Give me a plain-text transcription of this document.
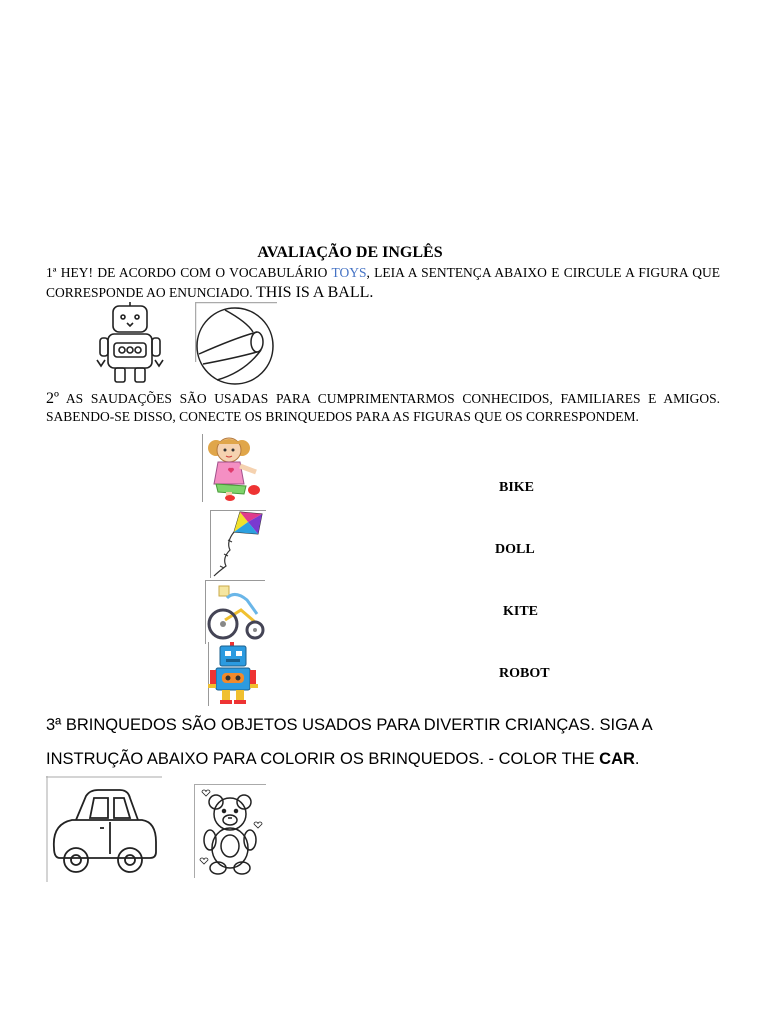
AVALIAÇÃO DE INGLÊS
1ª HEY! DE ACORDO COM O VOCABULÁRIO TOYS, LEIA A SENTENÇA ABAIXO E CIRCULE A FIGURA QUE CORRESPONDE AO ENUNCIADO. THIS IS A BALL.
2º AS SAUDAÇÕES SÃO USADAS PARA CUMPRIMENTARMOS CONHECIDOS, FAMILIARES E AMIGOS. SABENDO-SE DISSO, CONECTE OS BRINQUEDOS PARA AS FIGURAS QUE OS CORRESPONDEM.
BIKE
DOLL
KITE
ROBOT
3ª BRINQUEDOS SÃO OBJETOS USADOS PARA DIVERTIR CRIANÇAS. SIGA A
INSTRUÇÃO ABAIXO PARA COLORIR OS BRINQUEDOS. - COLOR THE CAR.
